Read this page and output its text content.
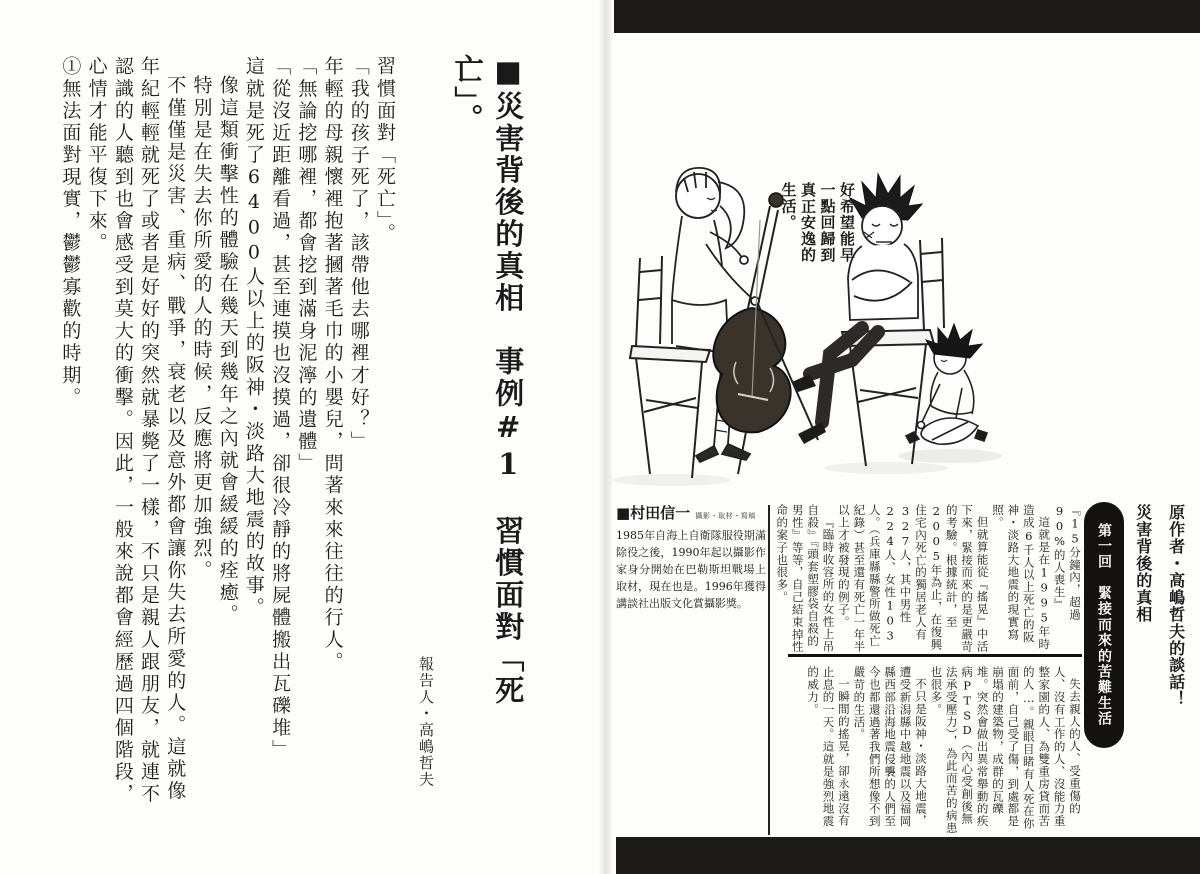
■災害背後的真相　事例#1　習慣面對「死亡」。
報告人・高嶋哲夫

習慣面對「死亡」。

「我的孩子死了，該帶他去哪裡才好？」

年輕的母親懷裡抱著摑著毛巾的小嬰兒，問著來來往往的行人。

「無論挖哪裡，都會挖到滿身泥濘的遺體」

「從沒近距離看過，甚至連摸也沒摸過，卻很冷靜的將屍體搬出瓦礫堆」

這就是死了6400人以上的阪神・淡路大地震的故事。

像這類衝擊性的體驗在幾天到幾年之內就會緩緩的痊癒。

特別是在失去你所愛的人的時候，反應將更加強烈。

不僅僅是災害、重病、戰爭，衰老以及意外都會讓你失去所愛的人。這就像年紀輕輕就死了或者是好好的突然就暴斃了一樣，不只是親人跟朋友，就連不認識的人聽到也會感受到莫大的衝擊。因此，一般來說都會經歷過四個階段，心情才能平復下來。

①無法面對現實，鬱鬱寡歡的時期。	好希望能早一點回歸到真正安逸的生活。

原作者・高嶋哲夫的談話！

災害背後的真相

第一回　緊接而來的苦難生活

『15分鐘內，超過90%的人喪生』

這就是在1995年時造成6千人以上死亡的阪神・淡路大地震的現實寫照。

但就算能從『搖晃』中活下來，緊接而來的是更嚴苛的考驗。根據統計，至2005年為止，在復興住宅內死亡的獨居老人有327人，其中男性224人、女性103人。（兵庫縣縣警所做死亡紀錄）甚至還有死亡一年半以上才被發現的例子。

『臨時收容所的女性上吊自殺』『頭套塑膠袋自殺的男性』等等，自己結束掉性命的案子也很多。

失去親人的人、受重傷的人、沒有工作的人、沒能力重整家園的人、為雙重房貸而苦的人…。親眼目睹有人死在你面前，自己受了傷，到處都是崩塌的建築物，成群的瓦礫堆。突然會做出異常舉動的疾病PTSD（內心受創後無法承受壓力），為此而苦的病患也很多。

不只是阪神・淡路大地震，遭受新潟縣中越地震以及福岡縣西部沿海地震侵襲的人們至今也都還過著我們所想像不到嚴苛的生活。

一瞬間的搖晃，卻永遠沒有止息的一天。這就是強烈地震的威力。

■村田信一 攝影・取材・寫稿

1985年自海上自衛隊服役期滿除役之後，1990年起以攝影作家身分開始在巴勒斯坦戰場上取材，現在也是。1996年獲得講談社出版文化賞攝影獎。
